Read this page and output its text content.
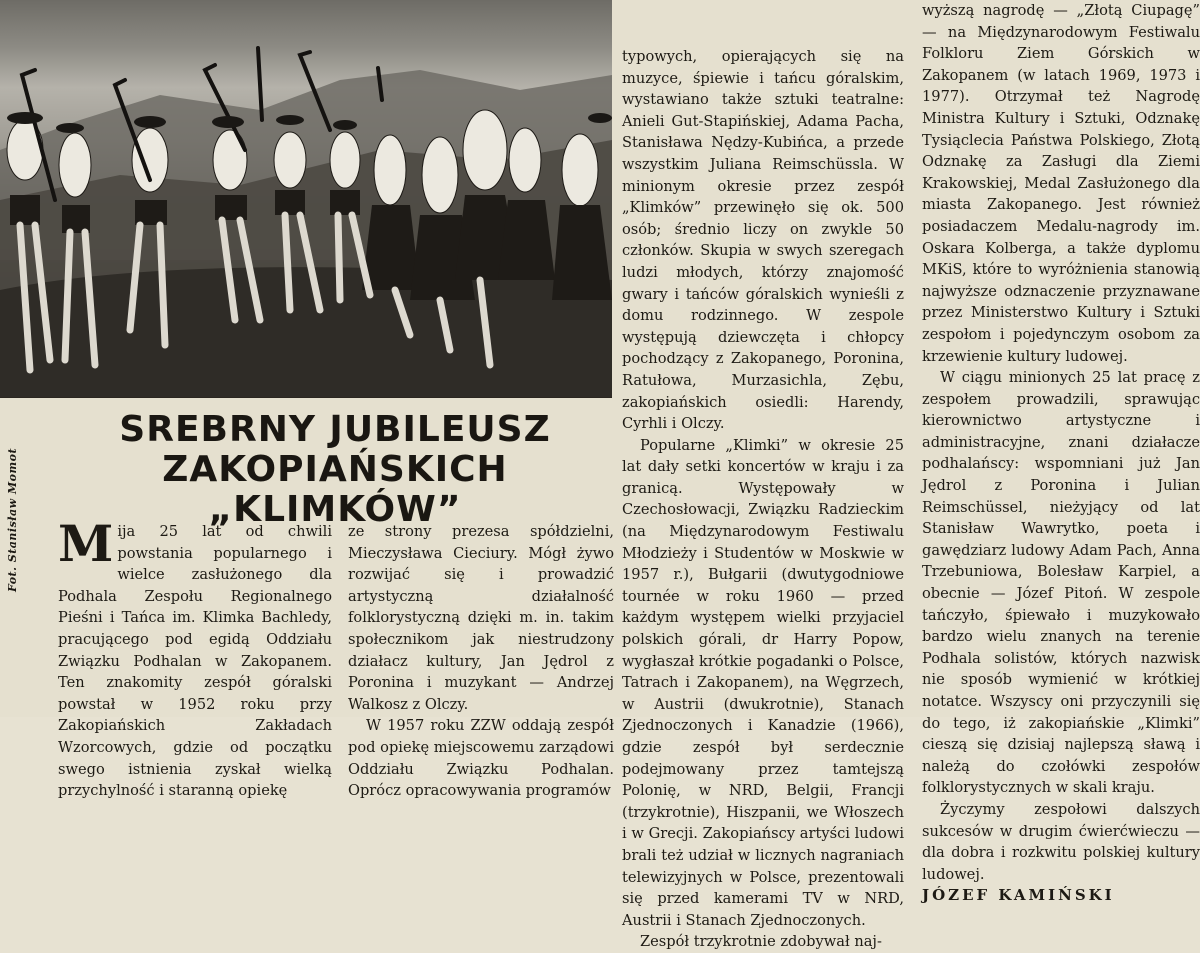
Fot. Stanisław Momot
SREBRNY JUBILEUSZ
ZAKOPIAŃSKICH
„KLIMKÓW”

Mija 25 lat od chwili powstania popularnego i wielce zasłużonego dla Podhala Zespołu Regionalnego Pieśni i Tańca im. Klimka Bachledy, pracującego pod egidą Oddziału Związku Podhalan w Zakopanem. Ten znakomity zespół góralski powstał w 1952 roku przy Zakopiańskich Zakładach Wzorcowych, gdzie od początku swego istnienia zyskał wielką przychylność i staranną opiekę

ze strony prezesa spółdzielni, Mieczysława Cieciury. Mógł żywo rozwijać się i prowadzić artystyczną działalność folklorystyczną dzięki m. in. takim społecznikom jak niestrudzony działacz kultury, Jan Jędrol z Poronina i muzykant — Andrzej Walkosz z Olczy.

W 1957 roku ZZW oddają zespół pod opiekę miejscowemu zarządowi Oddziału Związku Podhalan. Oprócz opracowywania programów

typowych, opierających się na muzyce, śpiewie i tańcu góralskim, wystawiano także sztuki teatralne: Anieli Gut-Stapińskiej, Adama Pacha, Stanisława Nędzy-Kubińca, a przede wszystkim Juliana Reimschüssla. W minionym okresie przez zespół „Klimków” przewinęło się ok. 500 osób; średnio liczy on zwykle 50 członków. Skupia w swych szeregach ludzi młodych, którzy znajomość gwary i tańców góralskich wynieśli z domu rodzinnego. W zespole występują dziewczęta i chłopcy pochodzący z Zakopanego, Poronina, Ratułowa, Murzasichla, Zębu, zakopiańskich osiedli: Harendy, Cyrhli i Olczy.

Popularne „Klimki” w okresie 25 lat dały setki koncertów w kraju i za granicą. Występowały w Czechosłowacji, Związku Radzieckim (na Międzynarodowym Festiwalu Młodzieży i Studentów w Moskwie w 1957 r.), Bułgarii (dwutygodniowe tournée w roku 1960 — przed każdym występem wielki przyjaciel polskich górali, dr Harry Popow, wygłaszał krótkie pogadanki o Polsce, Tatrach i Zakopanem), na Węgrzech, w Austrii (dwukrotnie), Stanach Zjednoczonych i Kanadzie (1966), gdzie zespół był serdecznie podejmowany przez tamtejszą Polonię, w NRD, Belgii, Francji (trzykrotnie), Hiszpanii, we Włoszech i w Grecji. Zakopiańscy artyści ludowi brali też udział w licznych nagraniach telewizyjnych w Polsce, prezentowali się przed kamerami TV w NRD, Austrii i Stanach Zjednoczonych.

Zespół trzykrotnie zdobywał naj-

wyższą nagrodę — „Złotą Ciupagę” — na Międzynarodowym Festiwalu Folkloru Ziem Górskich w Zakopanem (w latach 1969, 1973 i 1977). Otrzymał też Nagrodę Ministra Kultury i Sztuki, Odznakę Tysiąclecia Państwa Polskiego, Złotą Odznakę za Zasługi dla Ziemi Krakowskiej, Medal Zasłużonego dla miasta Zakopanego. Jest również posiadaczem Medalu-nagrody im. Oskara Kolberga, a także dyplomu MKiS, które to wyróżnienia stanowią najwyższe odznaczenie przyznawane przez Ministerstwo Kultury i Sztuki zespołom i pojedynczym osobom za krzewienie kultury ludowej.

W ciągu minionych 25 lat pracę z zespołem prowadzili, sprawując kierownictwo artystyczne i administracyjne, znani działacze podhalańscy: wspomniani już Jan Jędrol z Poronina i Julian Reimschüssel, nieżyjący od lat Stanisław Wawrytko, poeta i gawędziarz ludowy Adam Pach, Anna Trzebuniowa, Bolesław Karpiel, a obecnie — Józef Pitoń. W zespole tańczyło, śpiewało i muzykowało bardzo wielu znanych na terenie Podhala solistów, których nazwisk nie sposób wymienić w krótkiej notatce. Wszyscy oni przyczynili się do tego, iż zakopiańskie „Klimki” cieszą się dzisiaj najlepszą sławą i należą do czołówki zespołów folklorystycznych w skali kraju.

Życzymy zespołowi dalszych sukcesów w drugim ćwierćwieczu — dla dobra i rozkwitu polskiej kultury ludowej.

JÓZEF KAMIŃSKI
